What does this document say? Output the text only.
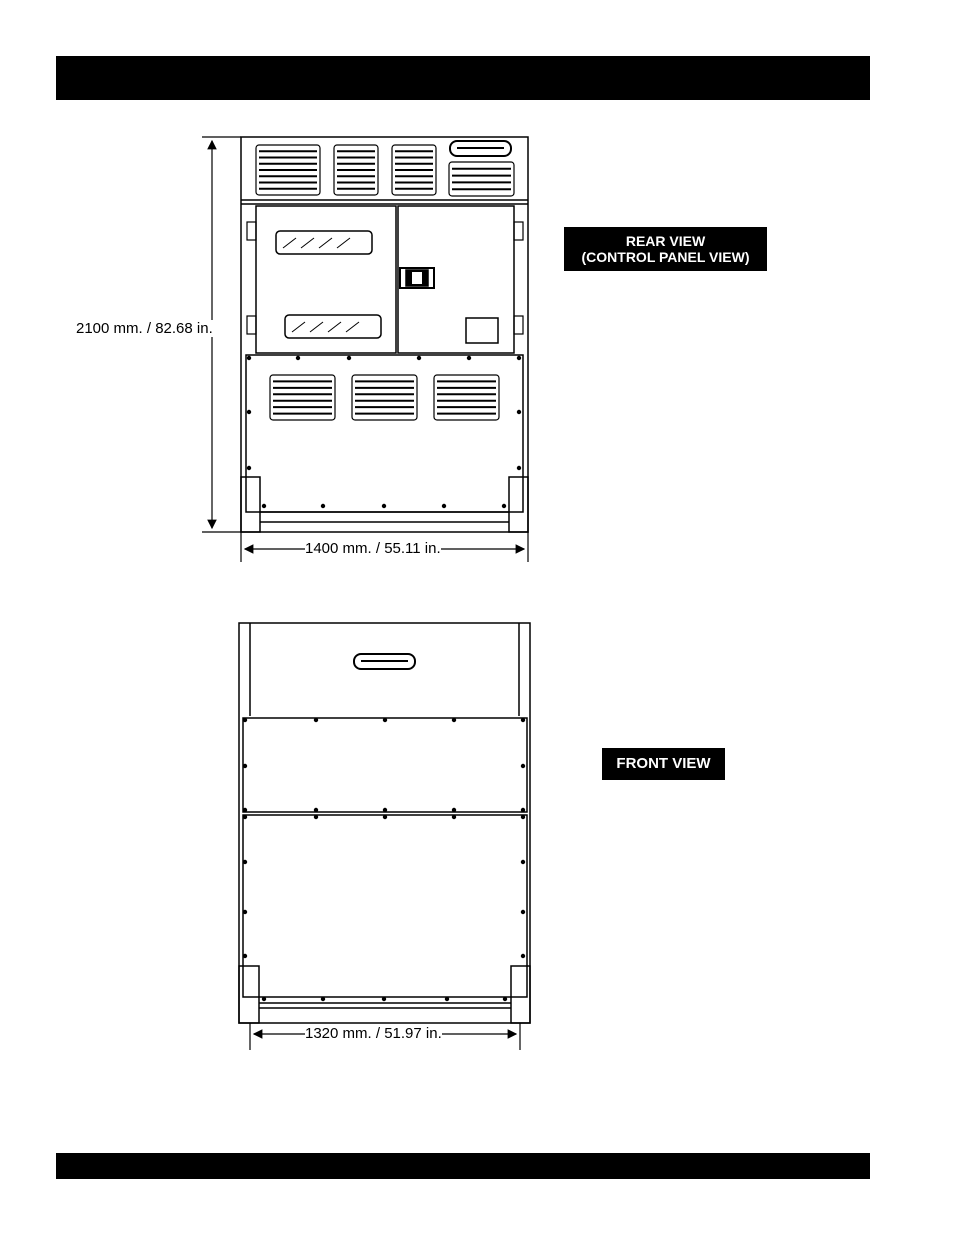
2100 mm. / 82.68 in.
1400 mm. / 55.11 in.
1320 mm. / 51.97 in.
REAR VIEW
(CONTROL PANEL VIEW)
FRONT VIEW
